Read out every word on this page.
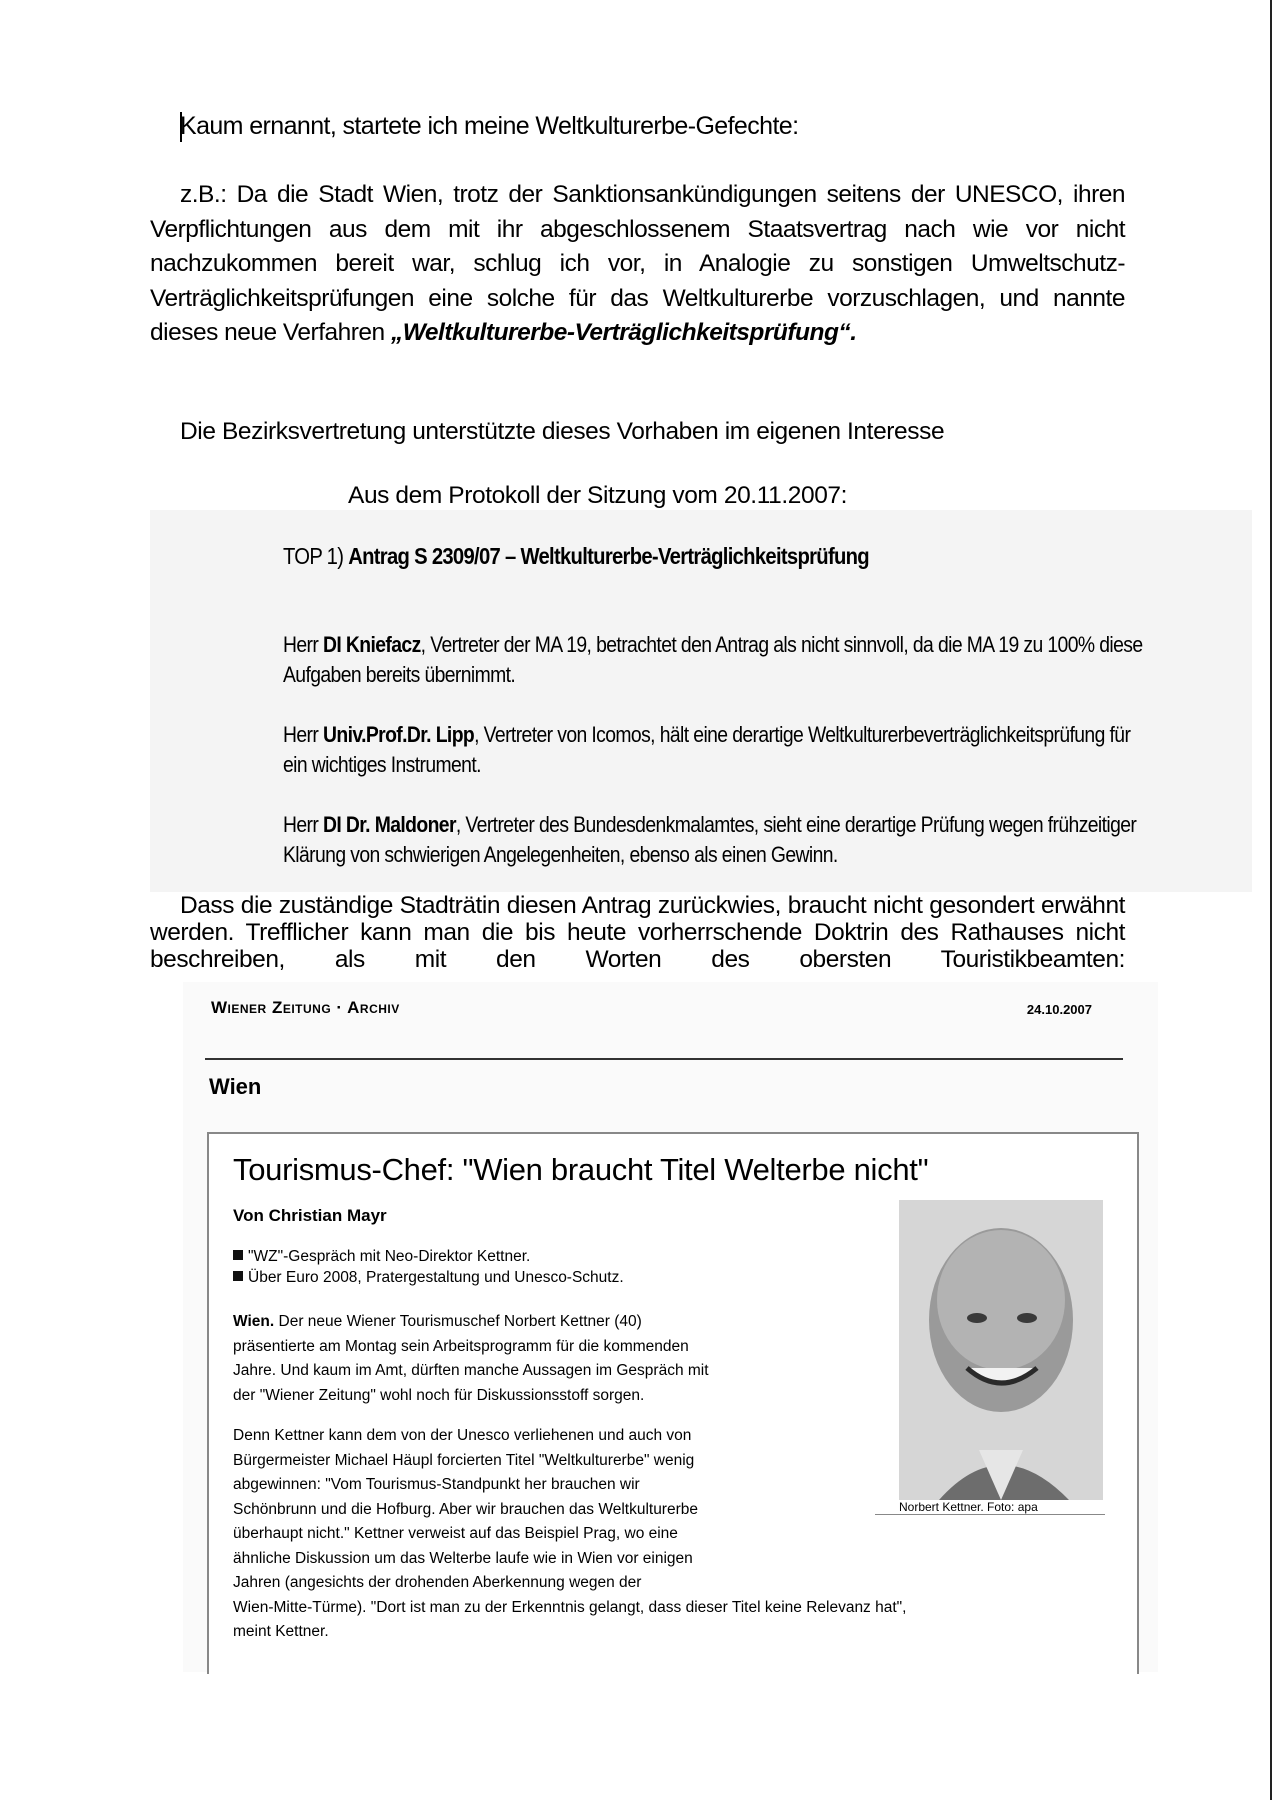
Kaum ernannt, startete ich meine Weltkulturerbe-Gefechte:
z.B.: Da die Stadt Wien, trotz der Sanktionsankündigungen seitens der UNESCO, ihren Verpflichtungen aus dem mit ihr abgeschlossenem Staatsvertrag nach wie vor nicht nachzukommen bereit war, schlug ich vor, in Analogie zu sonstigen Umweltschutz-Verträglichkeitsprüfungen eine solche für das Weltkulturerbe vorzuschlagen, und nannte dieses neue Verfahren „Weltkulturerbe-Verträglichkeitsprüfung“.
Die Bezirksvertretung unterstützte dieses Vorhaben im eigenen Interesse
Aus dem Protokoll der Sitzung vom 20.11.2007:
TOP 1) Antrag S 2309/07 – Weltkulturerbe-Verträglichkeitsprüfung
Herr DI Kniefacz, Vertreter der MA 19, betrachtet den Antrag als nicht sinnvoll, da die MA 19 zu 100% diese Aufgaben bereits übernimmt.
Herr Univ.Prof.Dr. Lipp, Vertreter von Icomos, hält eine derartige Weltkulturerbeverträglichkeitsprüfung für ein wichtiges Instrument.
Herr DI Dr. Maldoner, Vertreter des Bundesdenkmalamtes, sieht eine derartige Prüfung wegen frühzeitiger Klärung von schwierigen Angelegenheiten, ebenso als einen Gewinn.
Dass die zuständige Stadträtin diesen Antrag zurückwies, braucht nicht gesondert erwähnt werden. Trefflicher kann man die bis heute vorherrschende Doktrin des Rathauses nicht beschreiben, als mit den Worten des obersten Touristikbeamten:
Wiener Zeitung · Archiv	24.10.2007
Wien
Tourismus-Chef: "Wien braucht Titel Welterbe nicht"
Von Christian Mayr
"WZ"-Gespräch mit Neo-Direktor Kettner.
Über Euro 2008, Pratergestaltung und Unesco-Schutz.
Wien. Der neue Wiener Tourismuschef Norbert Kettner (40)
präsentierte am Montag sein Arbeitsprogramm für die kommenden
Jahre. Und kaum im Amt, dürften manche Aussagen im Gespräch mit
der "Wiener Zeitung" wohl noch für Diskussionsstoff sorgen.
Denn Kettner kann dem von der Unesco verliehenen und auch von
Bürgermeister Michael Häupl forcierten Titel "Weltkulturerbe" wenig
abgewinnen: "Vom Tourismus-Standpunkt her brauchen wir
Schönbrunn und die Hofburg. Aber wir brauchen das Weltkulturerbe
überhaupt nicht." Kettner verweist auf das Beispiel Prag, wo eine
ähnliche Diskussion um das Welterbe laufe wie in Wien vor einigen
Jahren (angesichts der drohenden Aberkennung wegen der
Wien-Mitte-Türme). "Dort ist man zu der Erkenntnis gelangt, dass dieser Titel keine Relevanz hat",
meint Kettner.
Norbert Kettner. Foto: apa
